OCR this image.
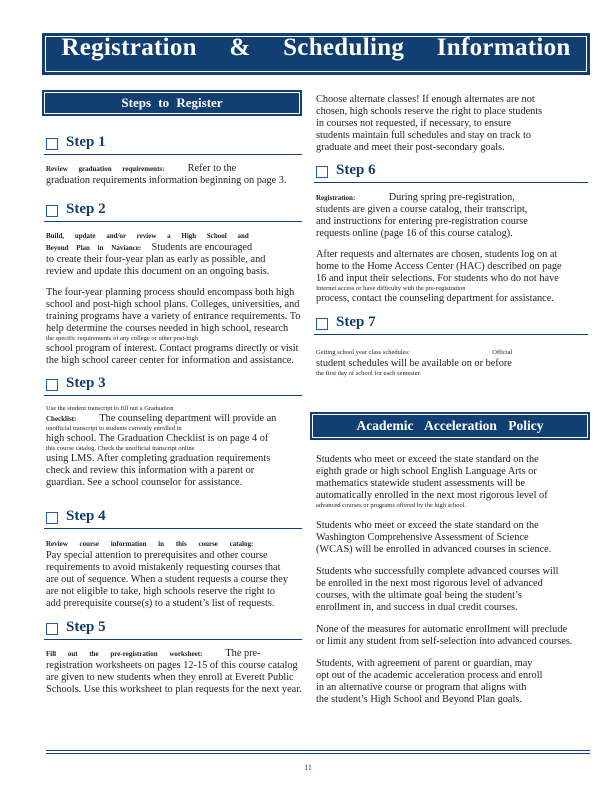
Registration & Scheduling Information
Steps to Register
Step 1
Review graduation requirements: Refer to the
graduation requirements information beginning on page 3.
Step 2
Build, update and/or review a High School and
Beyond Plan in Naviance: Students are encouraged
to create their four-year plan as early as possible, and
review and update this document on an ongoing basis.
The four-year planning process should encompass both high
school and post-high school plans. Colleges, universities, and
training programs have a variety of entrance requirements. To
help determine the courses needed in high school, research
the specific requirements of any college or other post-high
school program of interest. Contact programs directly or visit
the high school career center for information and assistance.
Step 3
Use the student transcript to fill out a Graduation
Checklist: The counseling department will provide an
unofficial transcript to students currently enrolled in
high school. The Graduation Checklist is on page 4 of
this course catalog. Check the unofficial transcript online
using LMS. After completing graduation requirements
check and review this information with a parent or
guardian. See a school counselor for assistance.
Step 4
Review course information in this course catalog:
Pay special attention to prerequisites and other course
requirements to avoid mistakenly requesting courses that
are out of sequence. When a student requests a course they
are not eligible to take, high schools reserve the right to
add prerequisite course(s) to a student’s list of requests.
Step 5
Fill out the pre-registration worksheet: The pre-
registration worksheets on pages 12-15 of this course catalog
are given to new students when they enroll at Everett Public
Schools. Use this worksheet to plan requests for the next year.
Choose alternate classes! If enough alternates are not
chosen, high schools reserve the right to place students
in courses not requested, if necessary, to ensure
students maintain full schedules and stay on track to
graduate and meet their post-secondary goals.
Step 6
Registration:	During spring pre-registration,
students are given a course catalog, their transcript,
and instructions for entering pre-registration course
requests online (page 16 of this course catalog).
After requests and alternates are chosen, students log on at
home to the Home Access Center (HAC) described on page
16 and input their selections. For students who do not have
Internet access or have difficulty with the pre-registration
process, contact the counseling department for assistance.
Step 7
Getting school year class schedules:	Official
student schedules will be available on or before
the first day of school for each semester.
Academic Acceleration Policy
Students who meet or exceed the state standard on the
eighth grade or high school English Language Arts or
mathematics statewide student assessments will be
automatically enrolled in the next most rigorous level of
advanced courses or programs offered by the high school.
Students who meet or exceed the state standard on the
Washington Comprehensive Assessment of Science
(WCAS) will be enrolled in advanced courses in science.
Students who successfully complete advanced courses will
be enrolled in the next most rigorous level of advanced
courses, with the ultimate goal being the student’s
enrollment in, and success in dual credit courses.
None of the measures for automatic enrollment will preclude
or limit any student from self-selection into advanced courses.
Students, with agreement of parent or guardian, may
opt out of the academic acceleration process and enroll
in an alternative course or program that aligns with
the student’s High School and Beyond Plan goals.
11
